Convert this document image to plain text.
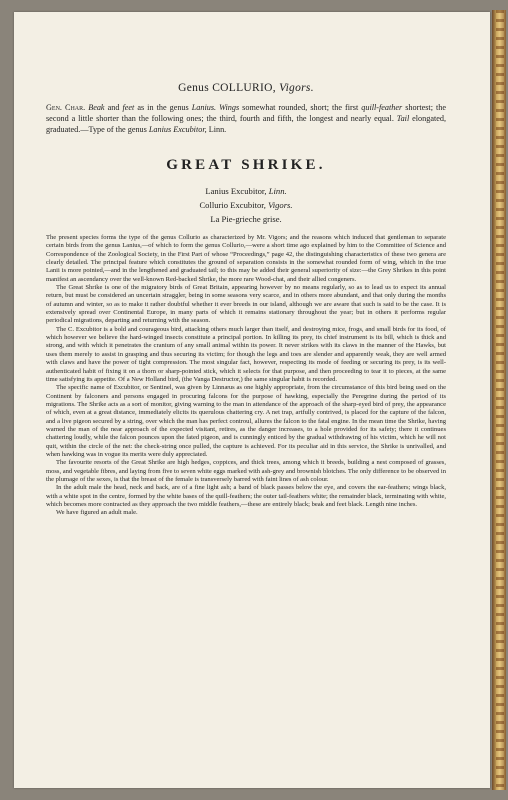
Genus COLLURIO, Vigors.

Gen. Char. Beak and feet as in the genus Lanius. Wings somewhat rounded, short; the first quill-feather shortest; the second a little shorter than the following ones; the third, fourth and fifth, the longest and nearly equal. Tail elongated, graduated.—Type of the genus Lanius Excubitor, Linn.

GREAT SHRIKE.
Lanius Excubitor, Linn.
Collurio Excubitor, Vigors.
La Pie-grieche grise.

The present species forms the type of the genus Collurio as characterized by Mr. Vigors; and the reasons which induced that gentleman to separate certain birds from the genus Lanius,—of which to form the genus Collurio,—were a short time ago explained by him to the Committee of Science and Correspondence of the Zoological Society, in the First Part of whose “Proceedings,” page 42, the distinguishing characteristics of these two genera are clearly detailed. The principal feature which constitutes the ground of separation consists in the somewhat rounded form of wing, which in the true Lanii is more pointed,—and in the lengthened and graduated tail; to this may be added their general superiority of size:—the Grey Shrikes in this point manifest an ascendancy over the well-known Red-backed Shrike, the more rare Wood-chat, and their allied congeners.

The Great Shrike is one of the migratory birds of Great Britain, appearing however by no means regularly, so as to lead us to expect its annual return, but must be considered an uncertain straggler, being in some seasons very scarce, and in others more abundant, and that only during the months of autumn and winter, so as to make it rather doubtful whether it ever breeds in our island, although we are aware that such is said to be the case. It is extensively spread over Continental Europe, in many parts of which it remains stationary throughout the year; but in others it performs regular periodical migrations, departing and returning with the season.

The C. Excubitor is a bold and courageous bird, attacking others much larger than itself, and destroying mice, frogs, and small birds for its food, of which however we believe the hard-winged insects constitute a principal portion. In killing its prey, its chief instrument is its bill, which is thick and strong, and with which it penetrates the cranium of any small animal within its power. It never strikes with its claws in the manner of the Hawks, but uses them merely to assist in grasping and thus securing its victim; for though the legs and toes are slender and apparently weak, they are well armed with claws and have the power of tight compression. The most singular fact, however, respecting its mode of feeding or securing its prey, is its well-authenticated habit of fixing it on a thorn or sharp-pointed stick, which it selects for that purpose, and then proceeding to tear it to pieces, at the same time satisfying its appetite. Of a New Holland bird, (the Vanga Destructor,) the same singular habit is recorded.

The specific name of Excubitor, or Sentinel, was given by Linnæus as one highly appropriate, from the circumstance of this bird being used on the Continent by falconers and persons engaged in procuring falcons for the purpose of hawking, especially the Peregrine during the period of its migrations. The Shrike acts as a sort of monitor, giving warning to the man in attendance of the approach of the sharp-eyed bird of prey, the appearance of which, even at a great distance, immediately elicits its querulous chattering cry. A net trap, artfully contrived, is placed for the capture of the falcon, and a live pigeon secured by a string, over which the man has perfect controul, allures the falcon to the fatal engine. In the mean time the Shrike, having warned the man of the near approach of the expected visitant, retires, as the danger increases, to a hole provided for its safety; there it continues chattering loudly, while the falcon pounces upon the fated pigeon, and is cunningly enticed by the gradual withdrawing of his victim, which he will not quit, within the circle of the net: the check-string once pulled, the capture is achieved. For its peculiar aid in this service, the Shrike is unrivalled, and when hawking was in vogue its merits were duly appreciated.

The favourite resorts of the Great Shrike are high hedges, coppices, and thick trees, among which it breeds, building a nest composed of grasses, moss, and vegetable fibres, and laying from five to seven white eggs marked with ash-grey and brownish blotches. The only difference to be observed in the plumage of the sexes, is that the breast of the female is transversely barred with faint lines of ash colour.

In the adult male the head, neck and back, are of a fine light ash; a band of black passes below the eye, and covers the ear-feathers; wings black, with a white spot in the centre, formed by the white bases of the quill-feathers; the outer tail-feathers white; the remainder black, terminating with white, which becomes more contracted as they approach the two middle feathers,—these are entirely black; beak and feet black. Length nine inches.

We have figured an adult male.
